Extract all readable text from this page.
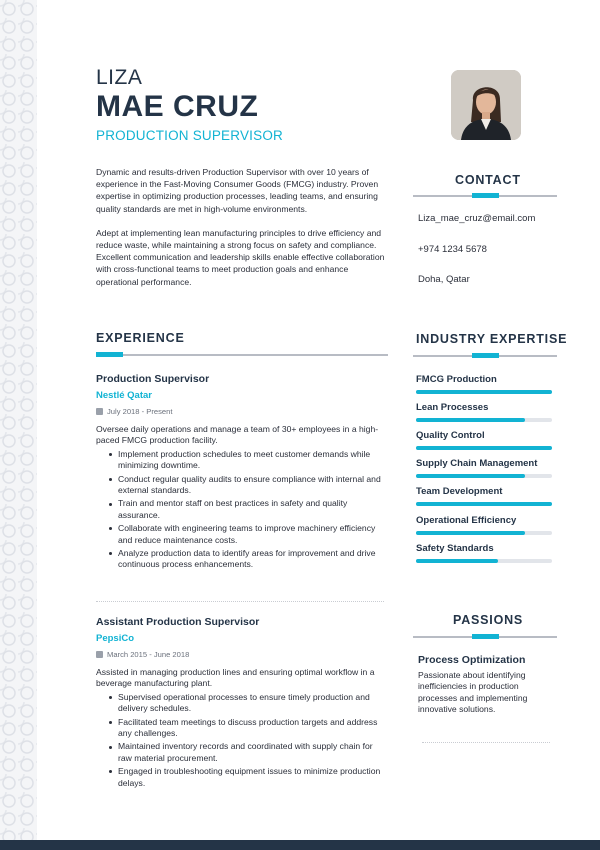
LIZA
MAE CRUZ
PRODUCTION SUPERVISOR

Dynamic and results-driven Production Supervisor with over 10 years of experience in the Fast-Moving Consumer Goods (FMCG) industry. Proven expertise in optimizing production processes, leading teams, and ensuring quality standards are met in high-volume environments.

Adept at implementing lean manufacturing principles to drive efficiency and reduce waste, while maintaining a strong focus on safety and compliance. Excellent communication and leadership skills enable effective collaboration with cross-functional teams to meet production goals and enhance operational performance.

CONTACT
Liza_mae_cruz@email.com
+974 1234 5678
Doha, Qatar
EXPERIENCE
Production Supervisor
Nestlé Qatar
July 2018 - Present
Oversee daily operations and manage a team of 30+ employees in a high-paced FMCG production facility.
Implement production schedules to meet customer demands while minimizing downtime.
Conduct regular quality audits to ensure compliance with internal and external standards.
Train and mentor staff on best practices in safety and quality assurance.
Collaborate with engineering teams to improve machinery efficiency and reduce maintenance costs.
Analyze production data to identify areas for improvement and drive continuous process enhancements.
Assistant Production Supervisor
PepsiCo
March 2015 - June 2018
Assisted in managing production lines and ensuring optimal workflow in a beverage manufacturing plant.
Supervised operational processes to ensure timely production and delivery schedules.
Facilitated team meetings to discuss production targets and address any challenges.
Maintained inventory records and coordinated with supply chain for raw material procurement.
Engaged in troubleshooting equipment issues to minimize production delays.
INDUSTRY EXPERTISE
FMCG Production
Lean Processes
Quality Control
Supply Chain Management
Team Development
Operational Efficiency
Safety Standards
PASSIONS
Process Optimization
Passionate about identifying inefficiencies in production processes and implementing innovative solutions.
